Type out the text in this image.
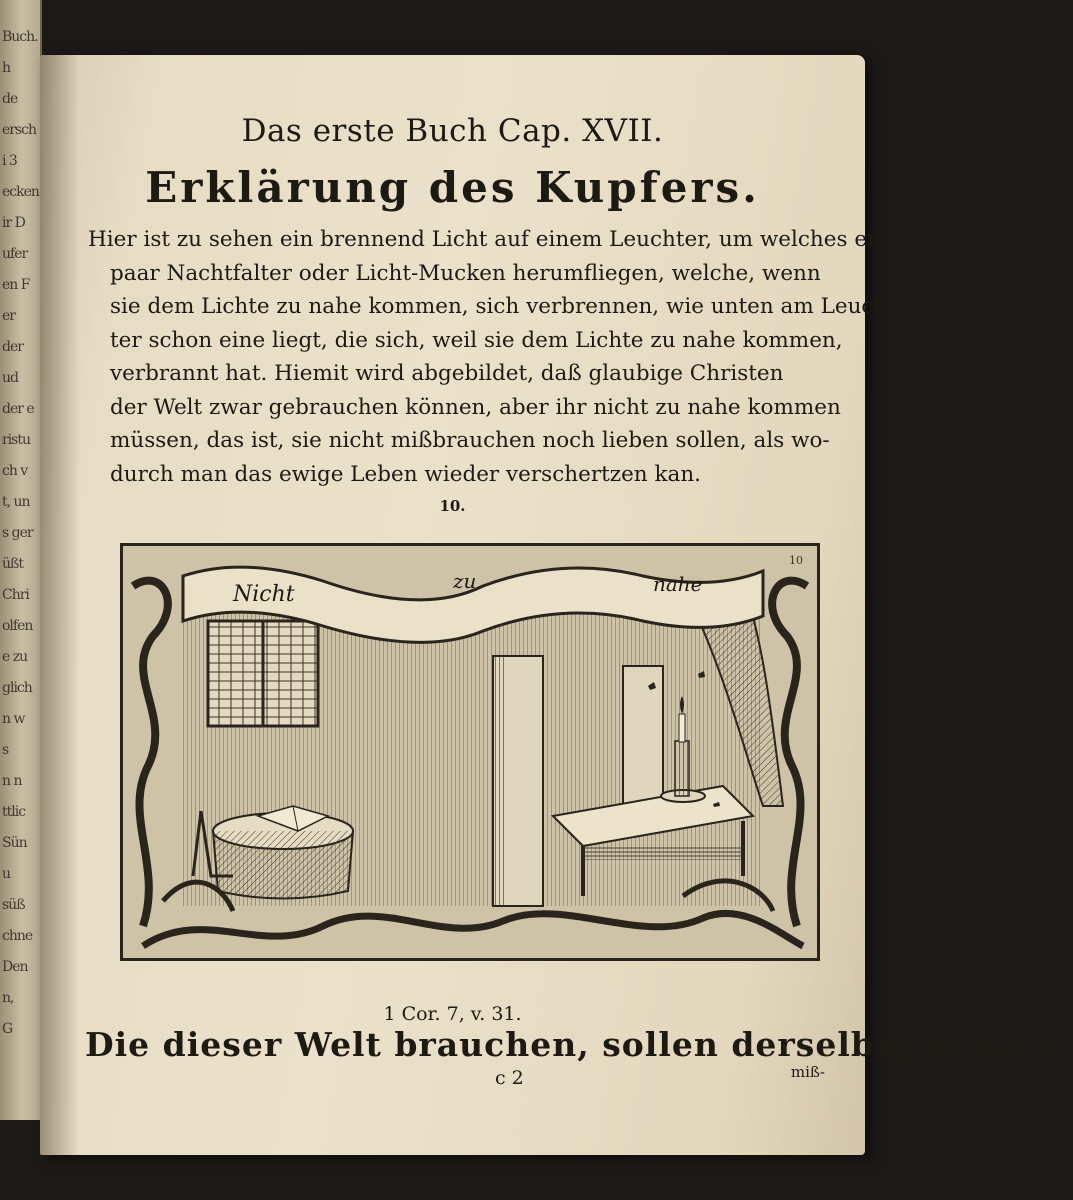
Buch.
h
de
ersch
i 3
ecken
ir D
ufer
en F
er
der
ud
der e
ristu
ch v
t, un
s ger
üßt
Chri
olfen
e zu
glich
n w
s
n n
ttlic
Sün
u
süß
chne
Den
n,
G
Das erste Buch Cap. XVII.
Erklärung des Kupfers.
Hier ist zu sehen ein brennend Licht auf einem Leuchter, um welches ein
paar Nachtfalter oder Licht-Mucken herumfliegen, welche, wenn
sie dem Lichte zu nahe kommen, sich verbrennen, wie unten am Leuch-
ter schon eine liegt, die sich, weil sie dem Lichte zu nahe kommen,
verbrannt hat. Hiemit wird abgebildet, daß glaubige Christen
der Welt zwar gebrauchen können, aber ihr nicht zu nahe kommen
müssen, das ist, sie nicht mißbrauchen noch lieben sollen, als wo-
durch man das ewige Leben wieder verschertzen kan.
10.
Nicht
zu	nahe
10
1 Cor. 7, v. 31.
Die dieser Welt brauchen, sollen derselbigen nicht
c 2	miß-
